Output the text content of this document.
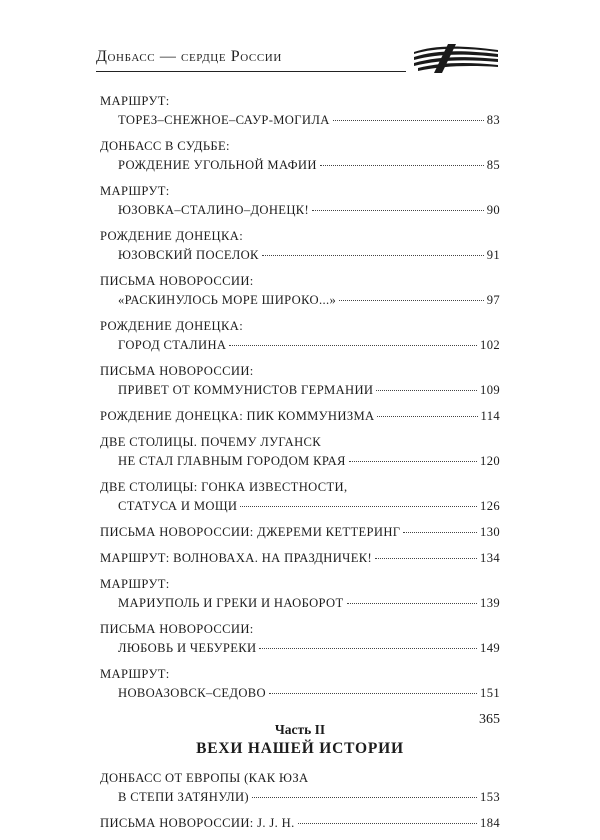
Донбасс — сердце России
МАРШРУТ:
ТОРЕЗ–СНЕЖНОЕ–САУР-МОГИЛА	83
ДОНБАСС В СУДЬБЕ:
РОЖДЕНИЕ УГОЛЬНОЙ МАФИИ	85
МАРШРУТ:
ЮЗОВКА–СТАЛИНО–ДОНЕЦК!	90
РОЖДЕНИЕ ДОНЕЦКА:
ЮЗОВСКИЙ ПОСЕЛОК	91
ПИСЬМА НОВОРОССИИ:
«РАСКИНУЛОСЬ МОРЕ ШИРОКО...»	97
РОЖДЕНИЕ ДОНЕЦКА:
ГОРОД СТАЛИНА	102
ПИСЬМА НОВОРОССИИ:
ПРИВЕТ ОТ КОММУНИСТОВ ГЕРМАНИИ	109
РОЖДЕНИЕ ДОНЕЦКА: ПИК КОММУНИЗМА	114
ДВЕ СТОЛИЦЫ. ПОЧЕМУ ЛУГАНСК
НЕ СТАЛ ГЛАВНЫМ ГОРОДОМ КРАЯ	120
ДВЕ СТОЛИЦЫ: ГОНКА ИЗВЕСТНОСТИ,
СТАТУСА И МОЩИ	126
ПИСЬМА НОВОРОССИИ: ДЖЕРЕМИ КЕТТЕРИНГ	130
МАРШРУТ: ВОЛНОВАХА. НА ПРАЗДНИЧЕК!	134
МАРШРУТ:
МАРИУПОЛЬ И ГРЕКИ И НАОБОРОТ	139
ПИСЬМА НОВОРОССИИ:
ЛЮБОВЬ И ЧЕБУРЕКИ	149
МАРШРУТ:
НОВОАЗОВСК–СЕДОВО	151
Часть II
ВЕХИ НАШЕЙ ИСТОРИИ
ДОНБАСС ОТ ЕВРОПЫ (КАК ЮЗА
В СТЕПИ ЗАТЯНУЛИ)	153
ПИСЬМА НОВОРОССИИ: J. J. H.	184
365
